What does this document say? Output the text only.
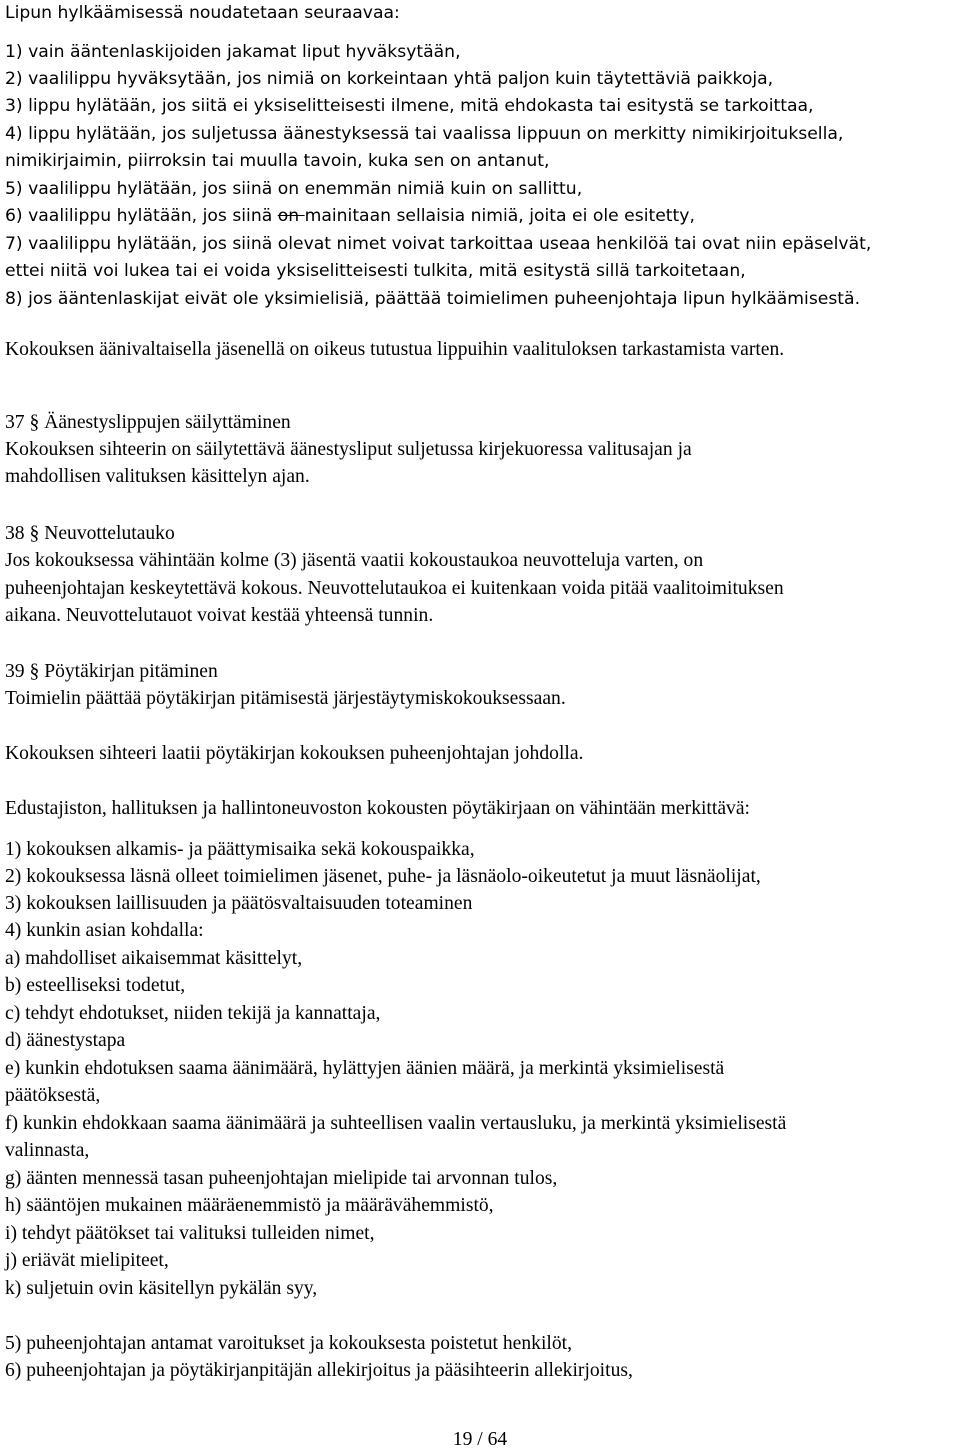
Lipun hylkäämisessä noudatetaan seuraavaa:
1) vain ääntenlaskijoiden jakamat liput hyväksytään,
2) vaalilippu hyväksytään, jos nimiä on korkeintaan yhtä paljon kuin täytettäviä paikkoja,
3) lippu hylätään, jos siitä ei yksiselitteisesti ilmene, mitä ehdokasta tai esitystä se tarkoittaa,
4) lippu hylätään, jos suljetussa äänestyksessä tai vaalissa lippuun on merkitty nimikirjoituksella,
nimikirjaimin, piirroksin tai muulla tavoin, kuka sen on antanut,
5) vaalilippu hylätään, jos siinä on enemmän nimiä kuin on sallittu,
6) vaalilippu hylätään, jos siinä on mainitaan sellaisia nimiä, joita ei ole esitetty,
7) vaalilippu hylätään, jos siinä olevat nimet voivat tarkoittaa useaa henkilöä tai ovat niin epäselvät,
ettei niitä voi lukea tai ei voida yksiselitteisesti tulkita, mitä esitystä sillä tarkoitetaan,
8) jos ääntenlaskijat eivät ole yksimielisiä, päättää toimielimen puheenjohtaja lipun hylkäämisestä.
Kokouksen äänivaltaisella jäsenellä on oikeus tutustua lippuihin vaalituloksen tarkastamista varten.
37 § Äänestyslippujen säilyttäminen
Kokouksen sihteerin on säilytettävä äänestysliput suljetussa kirjekuoressa valitusajan ja
mahdollisen valituksen käsittelyn ajan.
38 § Neuvottelutauko
Jos kokouksessa vähintään kolme (3) jäsentä vaatii kokoustaukoa neuvotteluja varten, on
puheenjohtajan keskeytettävä kokous. Neuvottelutaukoa ei kuitenkaan voida pitää vaalitoimituksen
aikana. Neuvottelutauot voivat kestää yhteensä tunnin.
39 § Pöytäkirjan pitäminen
Toimielin päättää pöytäkirjan pitämisestä järjestäytymiskokouksessaan.
Kokouksen sihteeri laatii pöytäkirjan kokouksen puheenjohtajan johdolla.
Edustajiston, hallituksen ja hallintoneuvoston kokousten pöytäkirjaan on vähintään merkittävä:
1) kokouksen alkamis- ja päättymisaika sekä kokouspaikka,
2) kokouksessa läsnä olleet toimielimen jäsenet, puhe- ja läsnäolo-oikeutetut ja muut läsnäolijat,
3) kokouksen laillisuuden ja päätösvaltaisuuden toteaminen
4) kunkin asian kohdalla:
a) mahdolliset aikaisemmat käsittelyt,
b) esteelliseksi todetut,
c) tehdyt ehdotukset, niiden tekijä ja kannattaja,
d) äänestystapa
e) kunkin ehdotuksen saama äänimäärä, hylättyjen äänien määrä, ja merkintä yksimielisestä
päätöksestä,
f) kunkin ehdokkaan saama äänimäärä ja suhteellisen vaalin vertausluku, ja merkintä yksimielisestä
valinnasta,
g) äänten mennessä tasan puheenjohtajan mielipide tai arvonnan tulos,
h) sääntöjen mukainen määräenemmistö ja määrävähemmistö,
i) tehdyt päätökset tai valituksi tulleiden nimet,
j) eriävät mielipiteet,
k) suljetuin ovin käsitellyn pykälän syy,
5) puheenjohtajan antamat varoitukset ja kokouksesta poistetut henkilöt,
6) puheenjohtajan ja pöytäkirjanpitäjän allekirjoitus ja pääsihteerin allekirjoitus,
19 / 64
